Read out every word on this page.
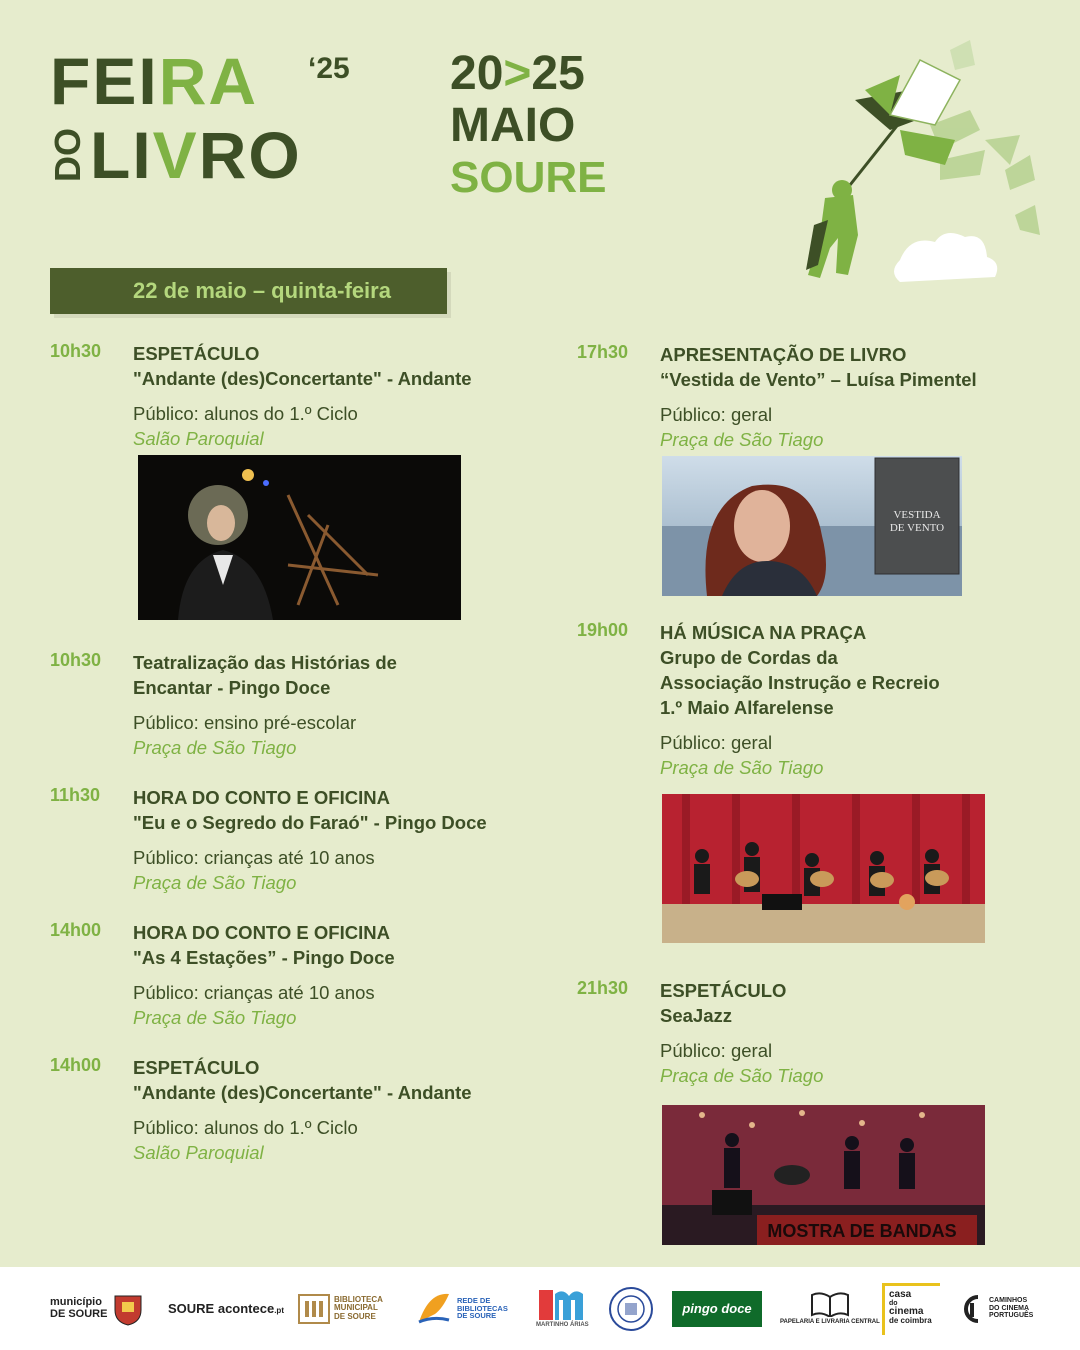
FEIRA ‘25
DO LIVRO
20>25
MAIO
SOURE
22 de maio – quinta-feira
10h30 ESPETÁCULO
"Andante (des)Concertante" - Andante
Público: alunos do 1.º Ciclo
Salão Paroquial
10h30 Teatralização das Histórias de
Encantar - Pingo Doce
Público: ensino pré-escolar
Praça de São Tiago
11h30 HORA DO CONTO E OFICINA
"Eu e o Segredo do Faraó" - Pingo Doce
Público: crianças até 10 anos
Praça de São Tiago
14h00 HORA DO CONTO E OFICINA
"As 4 Estações” - Pingo Doce
Público: crianças até 10 anos
Praça de São Tiago
14h00 ESPETÁCULO
"Andante (des)Concertante" - Andante
Público: alunos do 1.º Ciclo
Salão Paroquial
17h30 APRESENTAÇÃO DE LIVRO
“Vestida de Vento” – Luísa Pimentel
Público: geral
Praça de São Tiago
VESTIDA
DE VENTO
19h00 HÁ MÚSICA NA PRAÇA
Grupo de Cordas da Associação Instrução e Recreio 1.º Maio Alfarelense
Público: geral
Praça de São Tiago
21h30 ESPETÁCULO
SeaJazz
Público: geral
Praça de São Tiago
MOSTRA DE BANDAS
município
DE SOURE	SOURE acontece.pt
BIBLIOTECA
MUNICIPAL
DE SOURE
REDE DE
BIBLIOTECAS
DE SOURE
MARTINHO ÁRIAS
pingo doce
PAPELARIA E LIVRARIA CENTRAL
casa
do
cinema
de coimbra
CAMINHOS
DO CINEMA
PORTUGUÊS
